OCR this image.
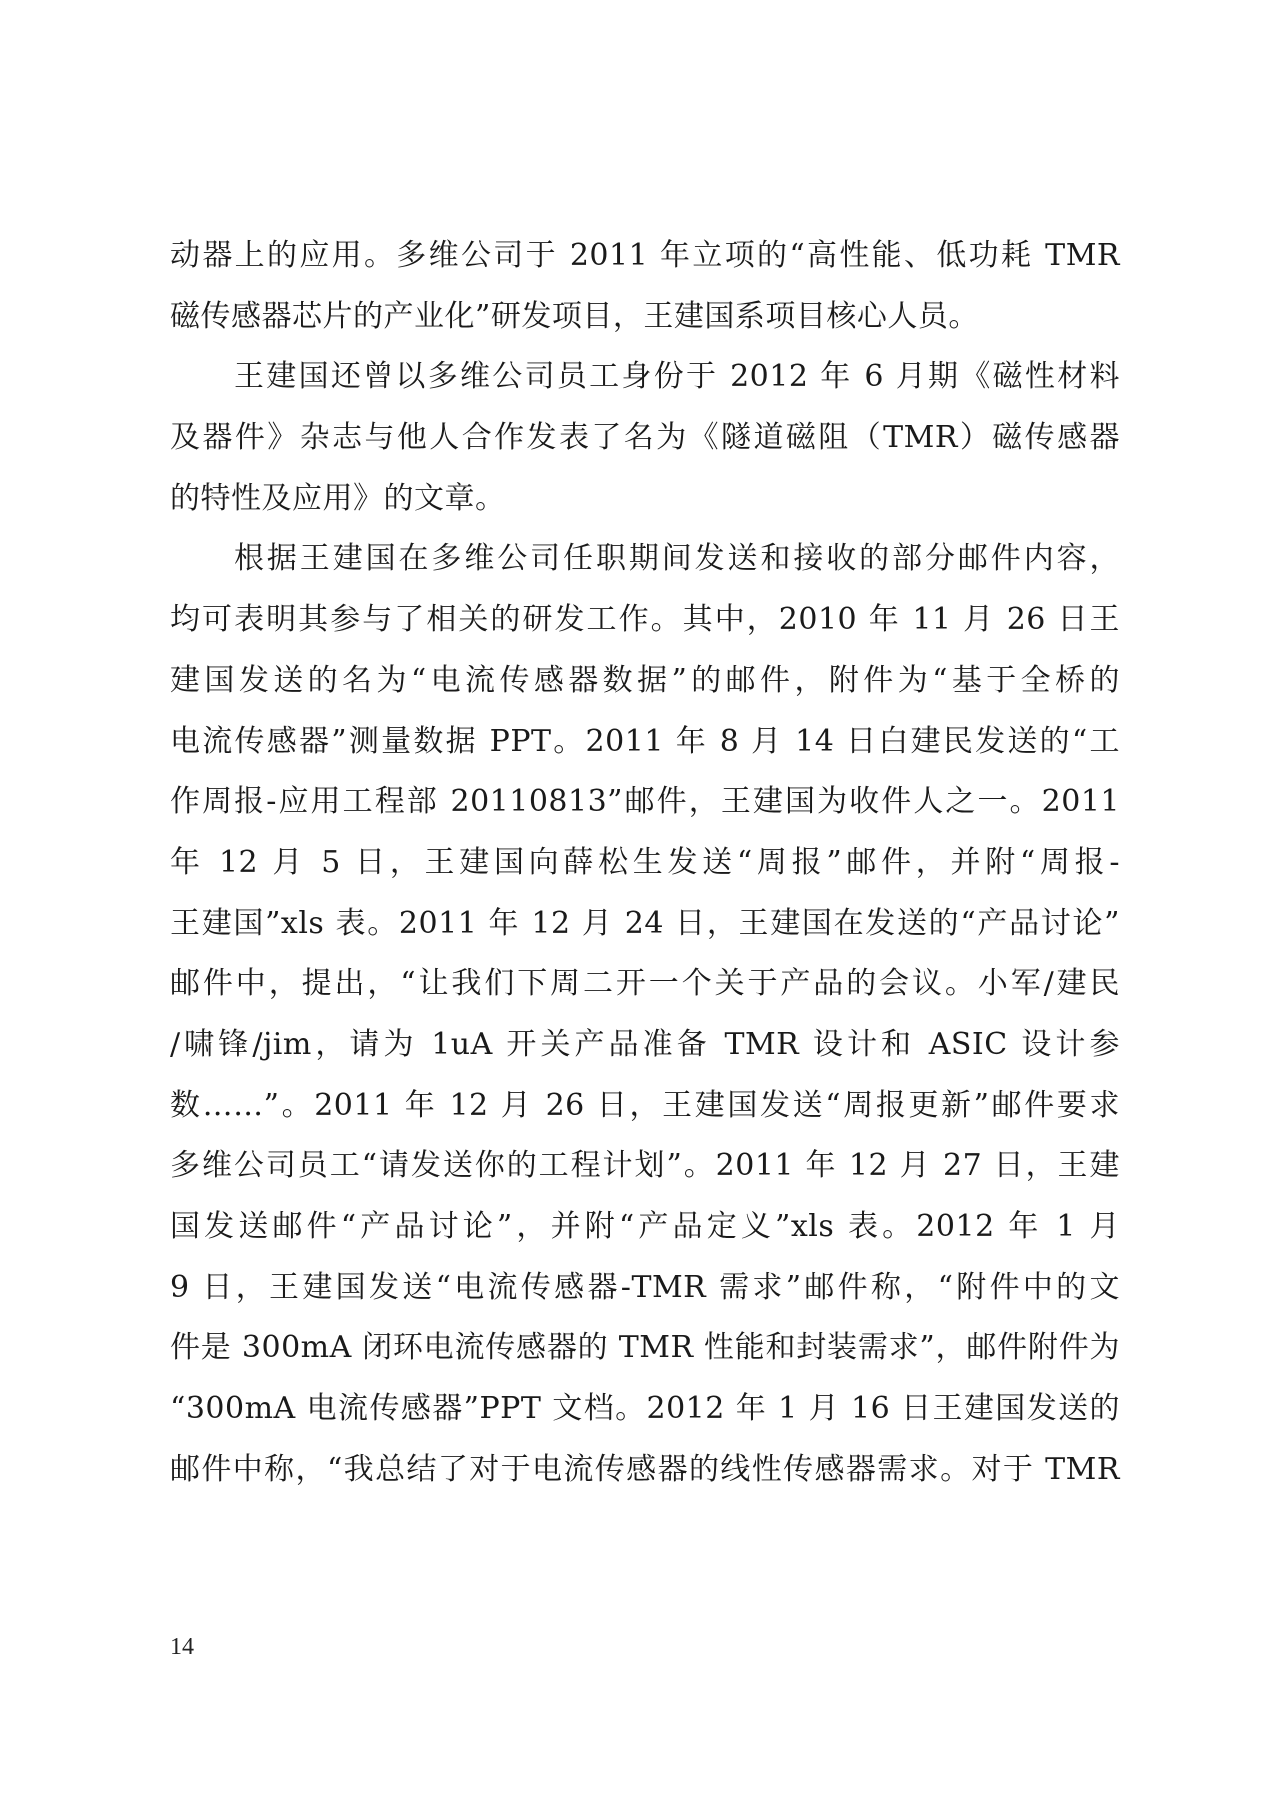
动器上的应用。多维公司于 2011 年立项的“高性能、低功耗 TMR
磁传感器芯片的产业化”研发项目，王建国系项目核心人员。
王建国还曾以多维公司员工身份于 2012 年 6 月期《磁性材料
及器件》杂志与他人合作发表了名为《隧道磁阻（TMR）磁传感器
的特性及应用》的文章。
根据王建国在多维公司任职期间发送和接收的部分邮件内容，
均可表明其参与了相关的研发工作。其中，2010 年 11 月 26 日王
建国发送的名为“电流传感器数据”的邮件，附件为“基于全桥的
电流传感器”测量数据 PPT。2011 年 8 月 14 日白建民发送的“工
作周报-应用工程部 20110813”邮件，王建国为收件人之一。2011
年 12 月 5 日，王建国向薛松生发送“周报”邮件，并附“周报-
王建国”xls 表。2011 年 12 月 24 日，王建国在发送的“产品讨论”
邮件中，提出，“让我们下周二开一个关于产品的会议。小军/建民
/啸锋/jim，请为 1uA 开关产品准备 TMR 设计和 ASIC 设计参
数……”。2011 年 12 月 26 日，王建国发送“周报更新”邮件要求
多维公司员工“请发送你的工程计划”。2011 年 12 月 27 日，王建
国发送邮件“产品讨论”，并附“产品定义”xls 表。2012 年 1 月
9 日，王建国发送“电流传感器-TMR 需求”邮件称，“附件中的文
件是 300mA 闭环电流传感器的 TMR 性能和封装需求”，邮件附件为
“300mA 电流传感器”PPT 文档。2012 年 1 月 16 日王建国发送的
邮件中称，“我总结了对于电流传感器的线性传感器需求。对于 TMR
14
